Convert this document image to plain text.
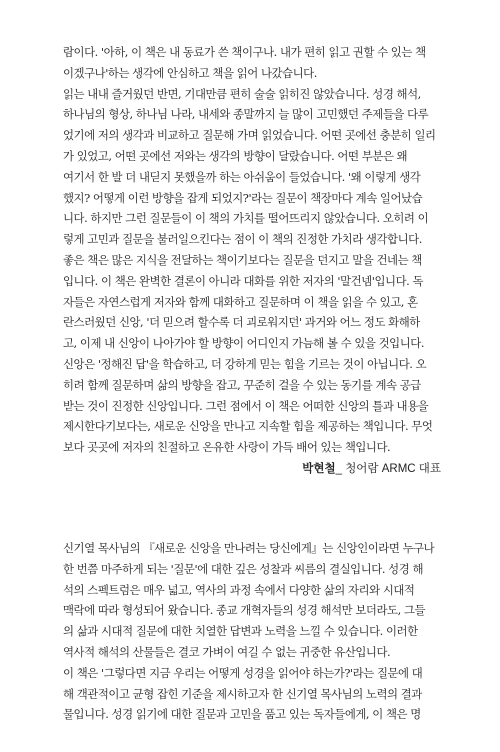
람이다. '아하, 이 책은 내 동료가 쓴 책이구나. 내가 편히 읽고 권할 수 있는 책
이겠구나'하는 생각에 안심하고 책을 읽어 나갔습니다.
읽는 내내 즐거웠던 반면, 기대만큼 편히 술술 읽히진 않았습니다. 성경 해석,
하나님의 형상, 하나님 나라, 내세와 종말까지 늘 많이 고민했던 주제들을 다루
었기에 저의 생각과 비교하고 질문해 가며 읽었습니다. 어떤 곳에선 충분히 일리
가 있었고, 어떤 곳에선 저와는 생각의 방향이 달랐습니다. 어떤 부분은 왜
여기서 한 발 더 내딛지 못했을까 하는 아쉬움이 들었습니다. '왜 이렇게 생각
했지? 어떻게 이런 방향을 잡게 되었지?'라는 질문이 책장마다 계속 일어났습
니다. 하지만 그런 질문들이 이 책의 가치를 떨어뜨리지 않았습니다. 오히려 이
렇게 고민과 질문을 불러일으킨다는 점이 이 책의 진정한 가치라 생각합니다.
좋은 책은 많은 지식을 전달하는 책이기보다는 질문을 던지고 말을 건네는 책
입니다. 이 책은 완벽한 결론이 아니라 대화를 위한 저자의 '말건넴'입니다. 독
자들은 자연스럽게 저자와 함께 대화하고 질문하며 이 책을 읽을 수 있고, 혼
란스러웠던 신앙, '더 믿으려 할수록 더 괴로워지던' 과거와 어느 정도 화해하
고, 이제 내 신앙이 나아가야 할 방향이 어디인지 가늠해 볼 수 있을 것입니다.
신앙은 '정해진 답'을 학습하고, 더 강하게 믿는 힘을 기르는 것이 아닙니다. 오
히려 함께 질문하며 삶의 방향을 잡고, 꾸준히 걸을 수 있는 동기를 계속 공급
받는 것이 진정한 신앙입니다. 그런 점에서 이 책은 어떠한 신앙의 틀과 내용을
제시한다기보다는, 새로운 신앙을 만나고 지속할 힘을 제공하는 책입니다. 무엇
보다 곳곳에 저자의 친절하고 온유한 사랑이 가득 배어 있는 책입니다.
박현철_ 청어람 ARMC 대표
신기열 목사님의 『새로운 신앙을 만나려는 당신에게』는 신앙인이라면 누구나
한 번쯤 마주하게 되는 '질문'에 대한 깊은 성찰과 씨름의 결실입니다. 성경 해
석의 스펙트럼은 매우 넓고, 역사의 과정 속에서 다양한 삶의 자리와 시대적
맥락에 따라 형성되어 왔습니다. 종교 개혁자들의 성경 해석만 보더라도, 그들
의 삶과 시대적 질문에 대한 치열한 답변과 노력을 느낄 수 있습니다. 이러한
역사적 해석의 산물들은 결코 가벼이 여길 수 없는 귀중한 유산입니다.
이 책은 '그렇다면 지금 우리는 어떻게 성경을 읽어야 하는가?'라는 질문에 대
해 객관적이고 균형 잡힌 기준을 제시하고자 한 신기열 목사님의 노력의 결과
물입니다. 성경 읽기에 대한 질문과 고민을 품고 있는 독자들에게, 이 책은 명
